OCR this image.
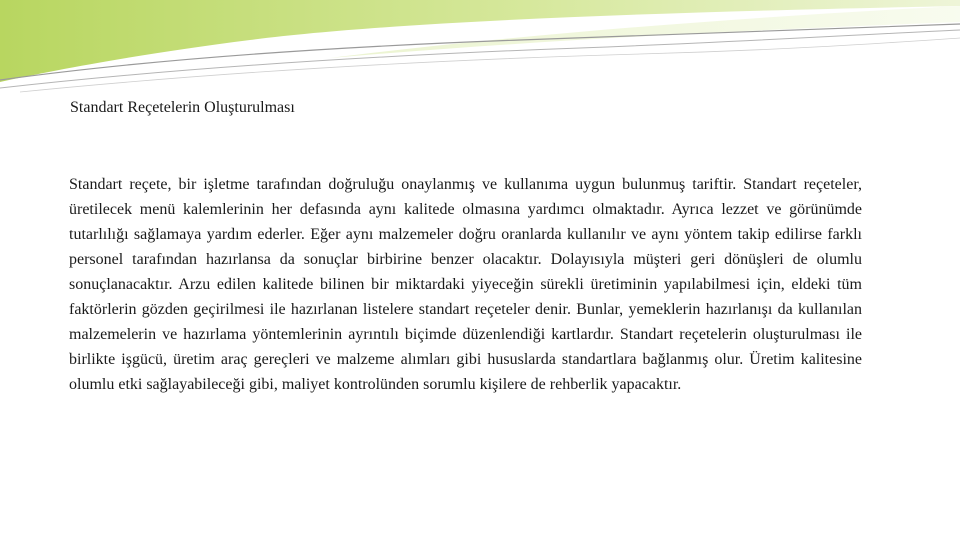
Standart Reçetelerin Oluşturulması

Standart reçete, bir işletme tarafından doğruluğu onaylanmış ve kullanıma uygun bulunmuş tariftir. Standart reçeteler, üretilecek menü kalemlerinin her defasında aynı kalitede olmasına yardımcı olmaktadır. Ayrıca lezzet ve görünümde tutarlılığı sağlamaya yardım ederler. Eğer aynı malzemeler doğru oranlarda kullanılır ve aynı yöntem takip edilirse farklı personel tarafından hazırlansa da sonuçlar birbirine benzer olacaktır. Dolayısıyla müşteri geri dönüşleri de olumlu sonuçlanacaktır. Arzu edilen kalitede bilinen bir miktardaki yiyeceğin sürekli üretiminin yapılabilmesi için, eldeki tüm faktörlerin gözden geçirilmesi ile hazırlanan listelere standart reçeteler denir. Bunlar, yemeklerin hazırlanışı da kullanılan malzemelerin ve hazırlama yöntemlerinin ayrıntılı biçimde düzenlendiği kartlardır. Standart reçetelerin oluşturulması ile birlikte işgücü, üretim araç gereçleri ve malzeme alımları gibi hususlarda standartlara bağlanmış olur. Üretim kalitesine olumlu etki sağlayabileceği gibi, maliyet kontrolünden sorumlu kişilere de rehberlik yapacaktır.
